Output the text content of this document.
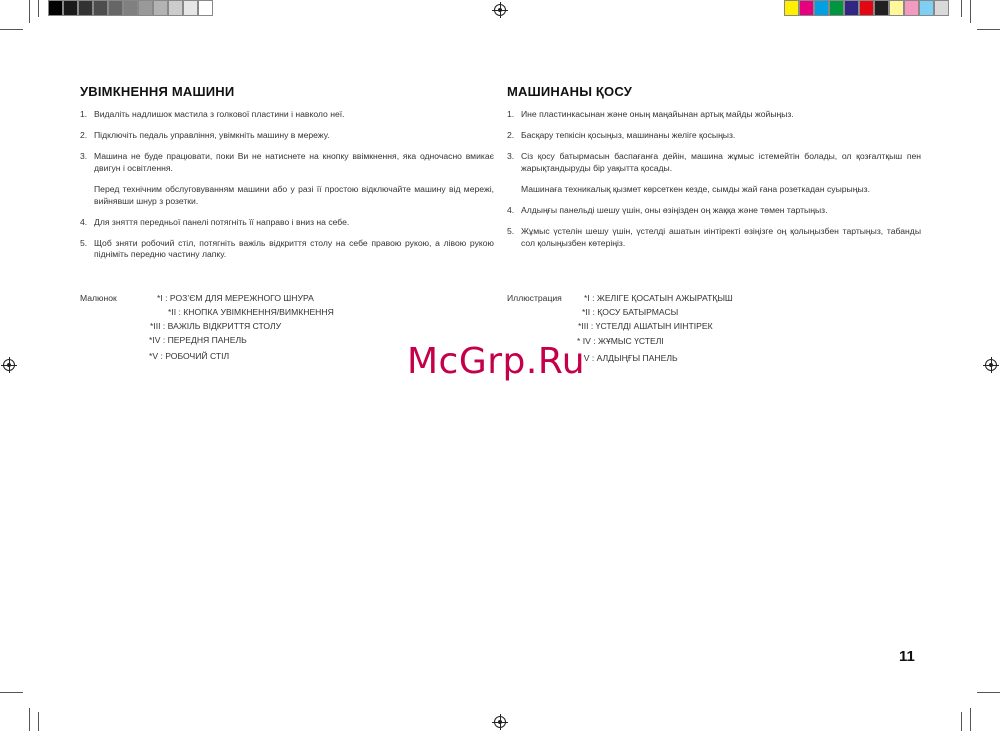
УВІМКНЕННЯ МАШИНИ
1. Видаліть надлишок мастила з голкової пластини і навколо неї.
2. Підключіть педаль управління, увімкніть машину в мережу.
3. Машина не буде працювати, поки Ви не натиснете на кнопку ввімкнення, яка одночасно вмикає двигун і освітлення.
Перед технічним обслуговуванням машини або у разі її простою відключайте машину від мережі, вийнявши шнур з розетки.
4. Для зняття передньої панелі потягніть її направо і вниз на себе.
5. Щоб зняти робочий стіл, потягніть важіль відкриття столу на себе правою рукою, а лівою рукою підніміть передню частину лапку.
МАШИНАНЫ ҚОСУ
1. Ине пластинкасынан және оның маңайынан артық майды жойыңыз.
2. Басқару тепкісін қосыңыз, машинаны желіге қосыңыз.
3. Сіз қосу батырмасын баспағанға дейін, машина жұмыс істемейтін болады, ол қозғалтқыш пен жарықтандыруды бір уақытта қосады.
Машинаға техникалық қызмет көрсеткен кезде, сымды жай ғана розеткадан суырыңыз.
4. Алдыңғы панельді шешу үшін, оны өзіңізден оң жаққа және төмен тартыңыз.
5. Жұмыс үстелін шешу үшін, үстелді ашатын иінтіректі өзіңізге оң қолыңызбен тартыңыз, табанды сол қолыңызбен көтеріңіз.
Малюнок	*I : РОЗ’ЄМ ДЛЯ МЕРЕЖНОГО ШНУРА
*II : КНОПКА УВІМКНЕННЯ/ВИМКНЕННЯ
*III : ВАЖІЛЬ ВІДКРИТТЯ СТОЛУ
*IV : ПЕРЕДНЯ ПАНЕЛЬ
*V : РОБОЧИЙ СТІЛ
Иллюстрация	*I : ЖЕЛІГЕ ҚОСАТЫН АЖЫРАТҚЫШ
*II : ҚОСУ БАТЫРМАСЫ
*III : ҮСТЕЛДІ АШАТЫН ИІНТІРЕК
* IV : ЖҰМЫС ҮСТЕЛІ
* V : АЛДЫҢҒЫ ПАНЕЛЬ
McGrp.Ru
11
